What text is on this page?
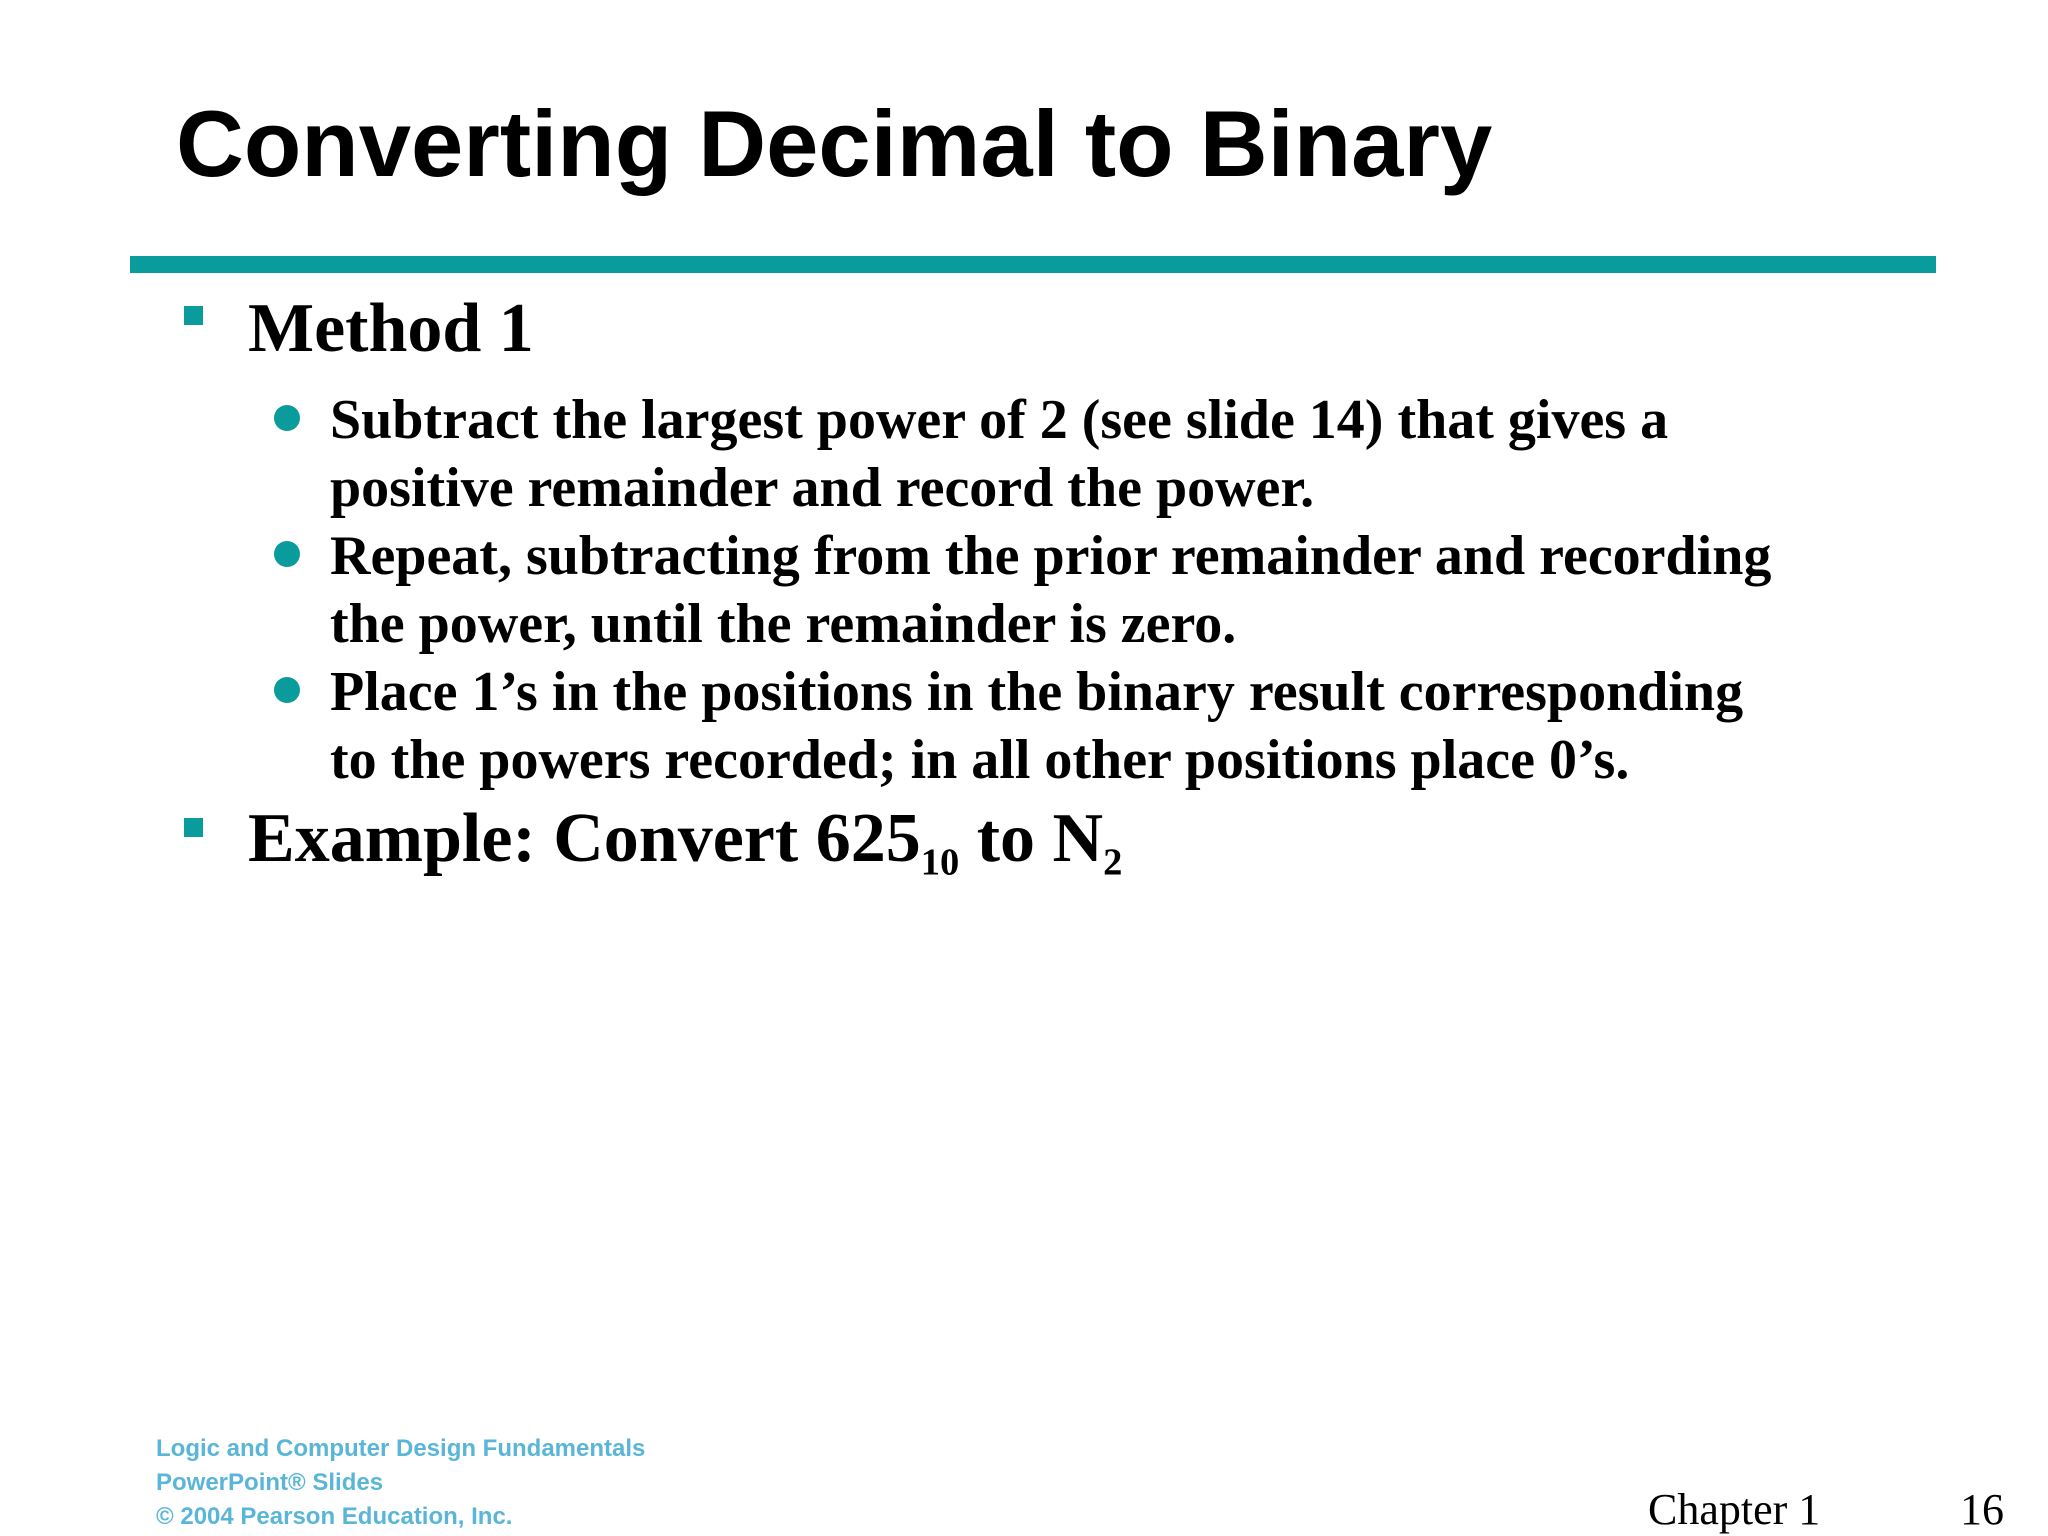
Converting Decimal to Binary
Method 1

Subtract the largest power of 2 (see slide 14) that gives a
positive remainder and record the power.

Repeat, subtracting from the prior remainder and recording
the power, until the remainder is zero.

Place 1’s in the positions in the binary result corresponding
to the powers recorded; in all other positions place 0’s.

Example: Convert $625_{10}$ to $N_2$
Logic and Computer Design Fundamentals
PowerPoint® Slides
© 2004 Pearson Education, Inc.	Chapter 1	16
